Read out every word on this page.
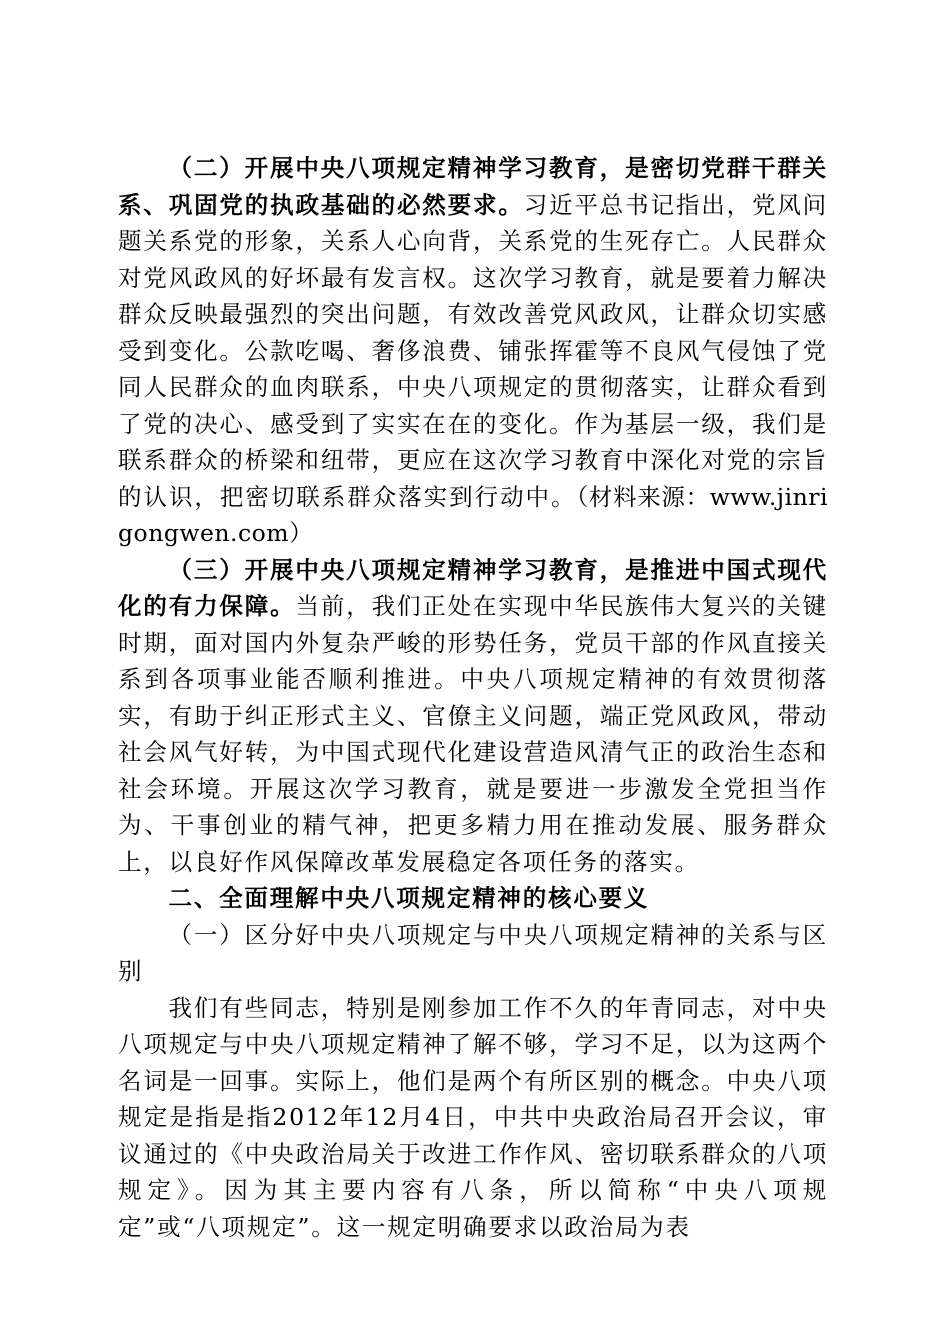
（二）开展中央八项规定精神学习教育，是密切党群干群关系、巩固党的执政基础的必然要求。习近平总书记指出，党风问题关系党的形象，关系人心向背，关系党的生死存亡。人民群众对党风政风的好坏最有发言权。这次学习教育，就是要着力解决群众反映最强烈的突出问题，有效改善党风政风，让群众切实感受到变化。公款吃喝、奢侈浪费、铺张挥霍等不良风气侵蚀了党同人民群众的血肉联系，中央八项规定的贯彻落实，让群众看到了党的决心、感受到了实实在在的变化。作为基层一级，我们是联系群众的桥梁和纽带，更应在这次学习教育中深化对党的宗旨的认识，把密切联系群众落实到行动中。（材料来源：www.jinrigongwen.com）

（三）开展中央八项规定精神学习教育，是推进中国式现代化的有力保障。当前，我们正处在实现中华民族伟大复兴的关键时期，面对国内外复杂严峻的形势任务，党员干部的作风直接关系到各项事业能否顺利推进。中央八项规定精神的有效贯彻落实，有助于纠正形式主义、官僚主义问题，端正党风政风，带动社会风气好转，为中国式现代化建设营造风清气正的政治生态和社会环境。开展这次学习教育，就是要进一步激发全党担当作为、干事创业的精气神，把更多精力用在推动发展、服务群众上，以良好作风保障改革发展稳定各项任务的落实。

二、全面理解中央八项规定精神的核心要义

（一）区分好中央八项规定与中央八项规定精神的关系与区别

我们有些同志，特别是刚参加工作不久的年青同志，对中央八项规定与中央八项规定精神了解不够，学习不足，以为这两个名词是一回事。实际上，他们是两个有所区别的概念。中央八项规定是指是指2012年12月4日，中共中央政治局召开会议，审议通过的《中央政治局关于改进工作作风、密切联系群众的八项规定》。因为其主要内容有八条，所以简称“中央八项规定”或“八项规定”。这一规定明确要求以政治局为表
